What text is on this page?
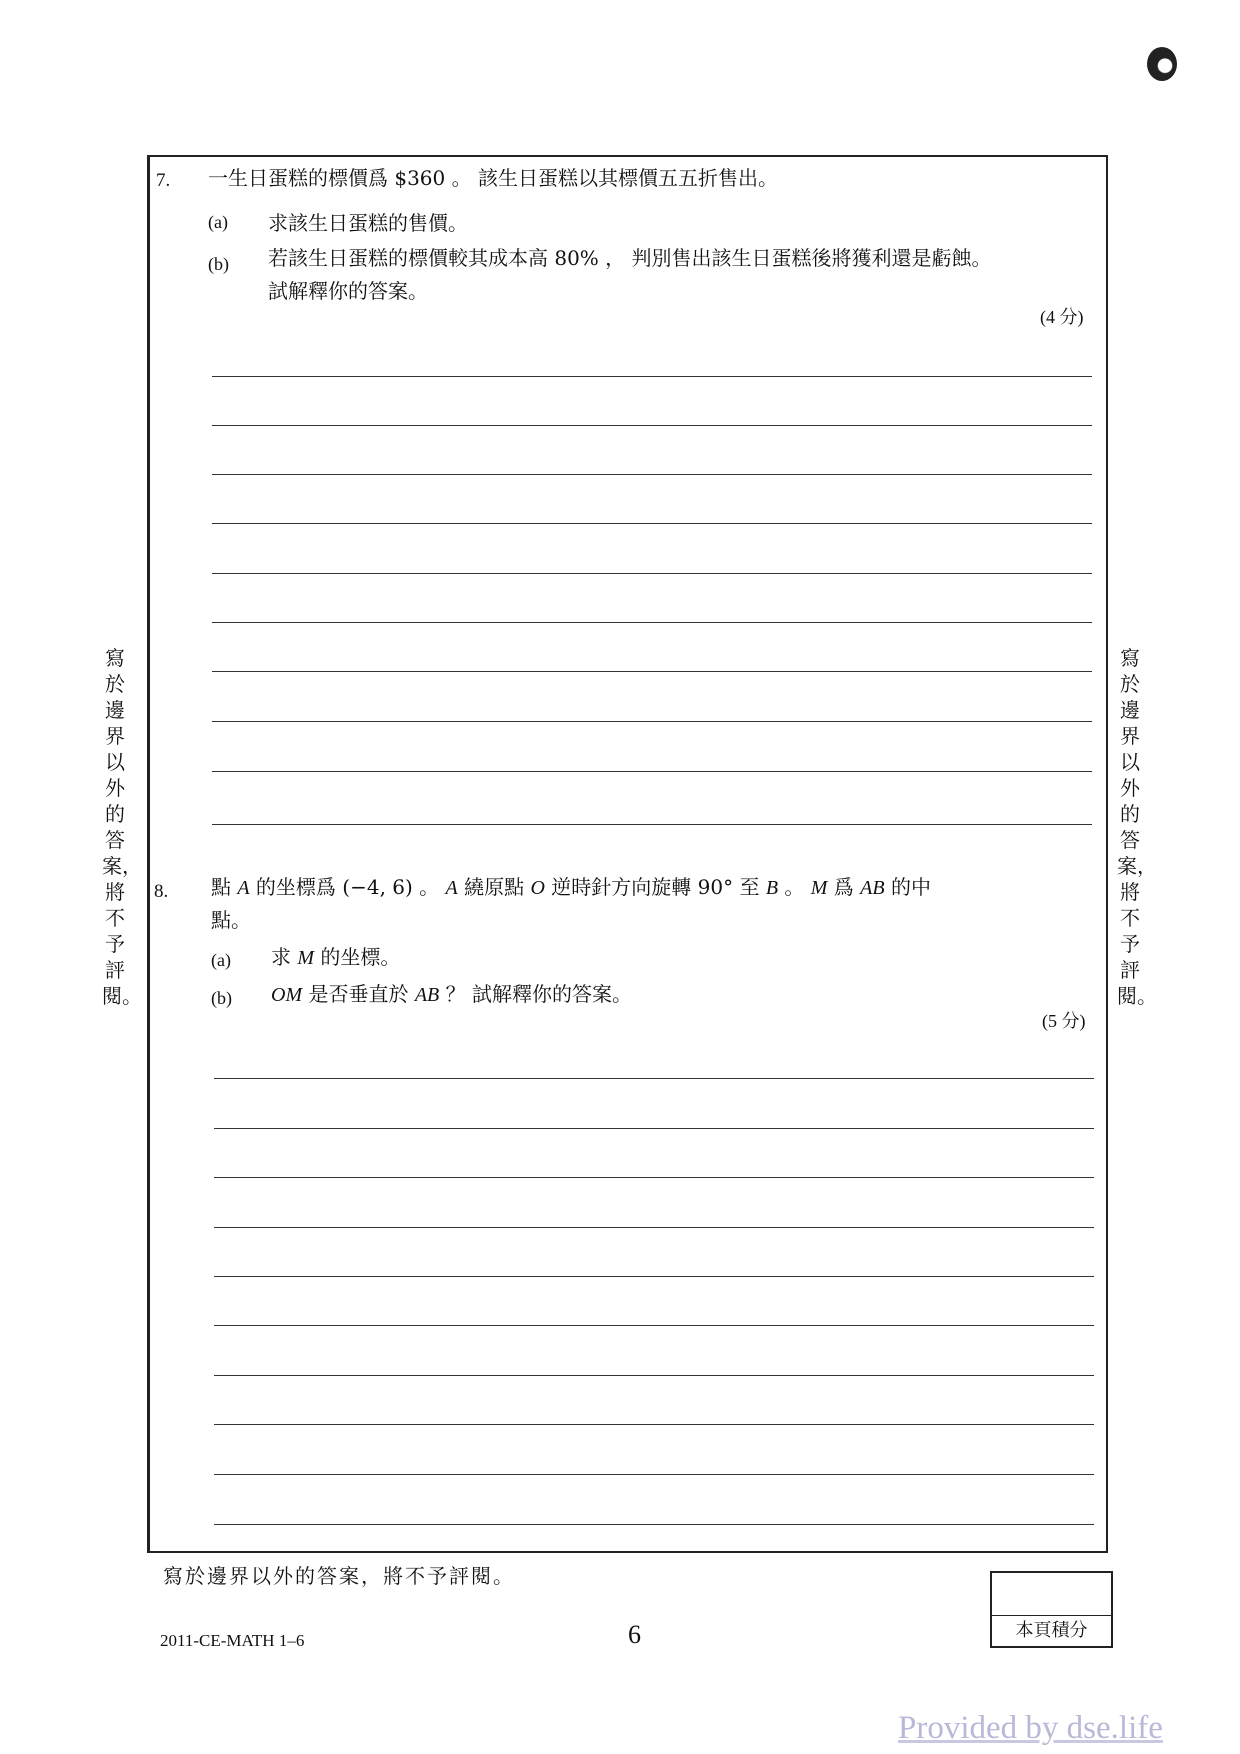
寫於邊界以外的答案，將不予評閱。
寫於邊界以外的答案，將不予評閱。
7. 一生日蛋糕的標價爲 $360 。 該生日蛋糕以其標價五五折售出。
(a) 求該生日蛋糕的售價。
(b) 若該生日蛋糕的標價較其成本高 80% ， 判別售出該生日蛋糕後將獲利還是虧蝕。
試解釋你的答案。
(4 分)
8. 點 A 的坐標爲 (−4, 6) 。 A 繞原點 O 逆時針方向旋轉 90° 至 B 。 M 爲 AB 的中
點。
(a) 求 M 的坐標。
(b) OM 是否垂直於 AB ？ 試解釋你的答案。
(5 分)
寫於邊界以外的答案，將不予評閱。
本頁積分
2011-CE-MATH 1–6	6
Provided by dse.life
